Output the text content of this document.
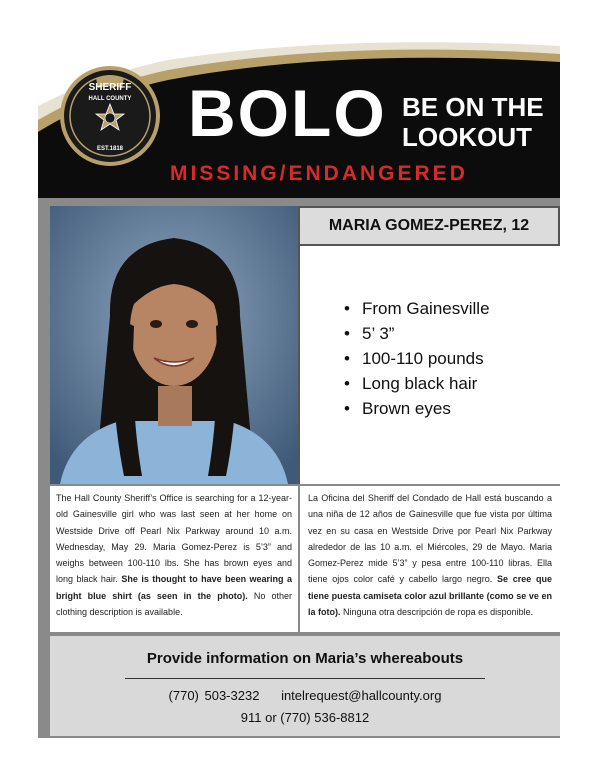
SHERIFF
HALL COUNTY
EST.1818 BOLO BE ON THE
LOOKOUT
MISSING/ENDANGERED
MARIA GOMEZ-PEREZ, 12
• From Gainesville
• 5’ 3”
• 100-110 pounds
• Long black hair
• Brown eyes
The Hall County Sheriff’s Office is searching for a 12-year-old Gainesville girl who was last seen at her home on Westside Drive off Pearl Nix Parkway around 10 a.m. Wednesday, May 29. Maria Gomez-Perez is 5’3” and weighs between 100-110 lbs. She has brown eyes and long black hair. She is thought to have been wearing a bright blue shirt (as seen in the photo). No other clothing description is available.
La Oficina del Sheriff del Condado de Hall está buscando a una niña de 12 años de Gainesville que fue vista por última vez en su casa en Westside Drive por Pearl Nix Parkway alrededor de las 10 a.m. el Miércoles, 29 de Mayo. Maria Gomez-Perez mide 5’3” y pesa entre 100-110 libras. Ella tiene ojos color café y cabello largo negro. Se cree que tiene puesta camiseta color azul brillante (como se ve en la foto). Ninguna otra descripción de ropa es disponible.
Provide information on Maria’s whereabouts
(770) 503-3232 intelrequest@hallcounty.org
911 or (770) 536-8812
